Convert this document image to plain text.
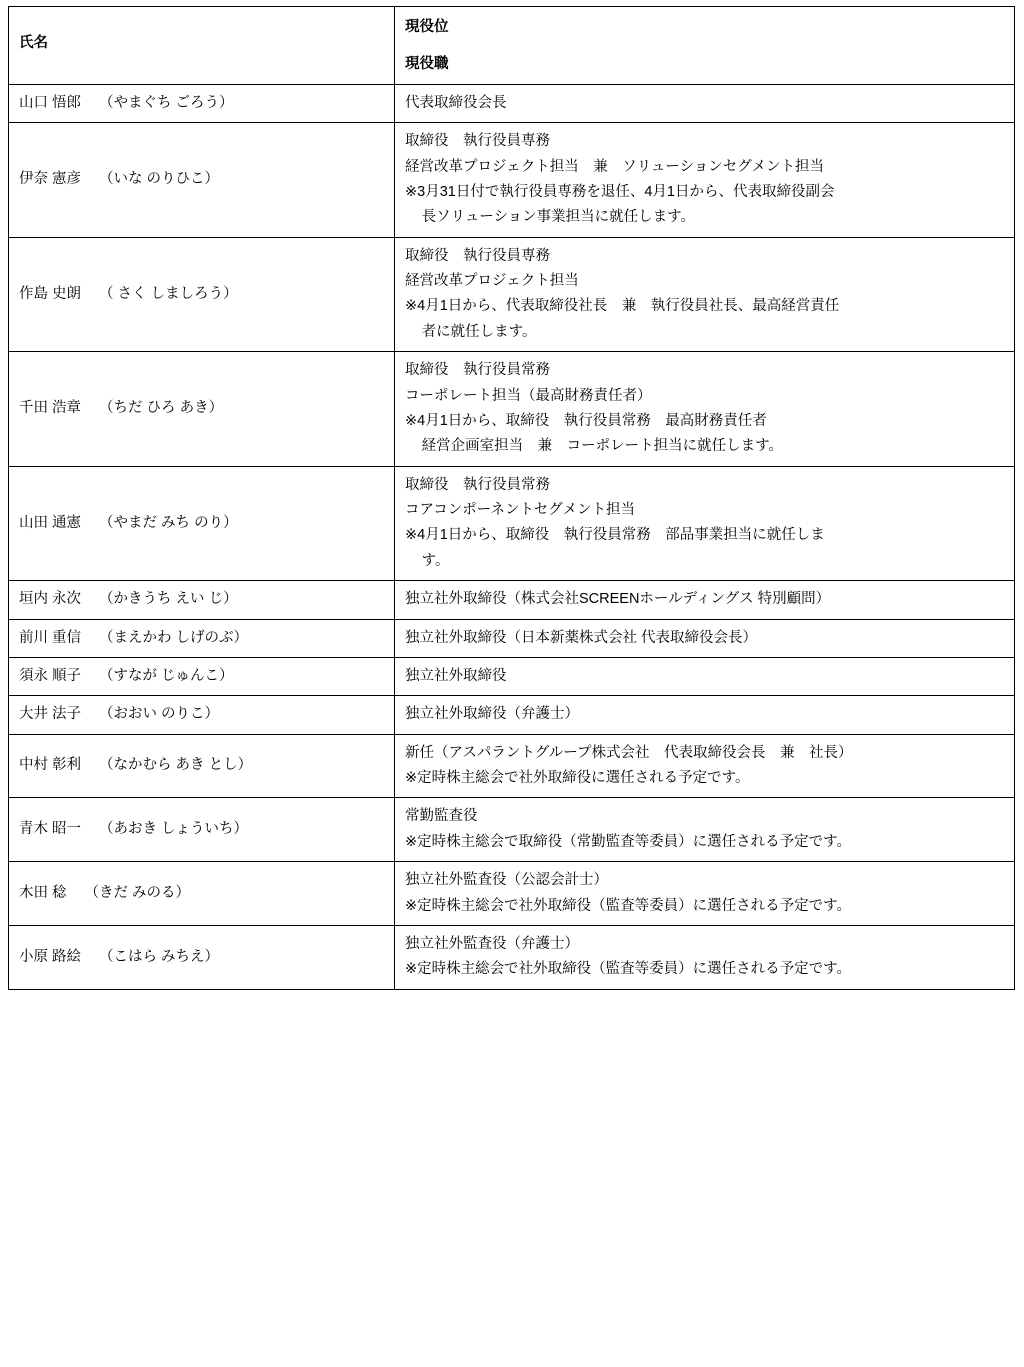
氏名	現役位
現役職

山口 悟郎 （やまぐち ごろう）	代表取締役会長

伊奈 憲彦 （いな のりひこ）	取締役　執行役員専務
経営改革プロジェクト担当　兼　ソリューションセグメント担当
※3月31日付で執行役員専務を退任、4月1日から、代表取締役副会
長ソリューション事業担当に就任します。

作島 史朗 （ さく しましろう）	取締役　執行役員専務
経営改革プロジェクト担当
※4月1日から、代表取締役社長　兼　執行役員社長、最高経営責任
者に就任します。

千田 浩章 （ちだ ひろ あき）	取締役　執行役員常務
コーポレート担当（最高財務責任者）
※4月1日から、取締役　執行役員常務　最高財務責任者
経営企画室担当　兼　コーポレート担当に就任します。

山田 通憲 （やまだ みち のり）	取締役　執行役員常務
コアコンポーネントセグメント担当
※4月1日から、取締役　執行役員常務　部品事業担当に就任しま
す。

垣内 永次 （かきうち えい じ）	独立社外取締役（株式会社SCREENホールディングス 特別顧問）

前川 重信 （まえかわ しげのぶ）	独立社外取締役（日本新薬株式会社 代表取締役会長）

須永 順子 （すなが じゅんこ）	独立社外取締役

大井 法子 （おおい のりこ）	独立社外取締役（弁護士）

中村 彰利 （なかむら あき とし）	新任（アスパラントグループ株式会社　代表取締役会長　兼　社長）
※定時株主総会で社外取締役に選任される予定です。

青木 昭一 （あおき しょういち）	常勤監査役
※定時株主総会で取締役（常勤監査等委員）に選任される予定です。

木田 稔 （きだ みのる）	独立社外監査役（公認会計士）
※定時株主総会で社外取締役（監査等委員）に選任される予定です。

小原 路絵 （こはら みちえ）	独立社外監査役（弁護士）
※定時株主総会で社外取締役（監査等委員）に選任される予定です。
